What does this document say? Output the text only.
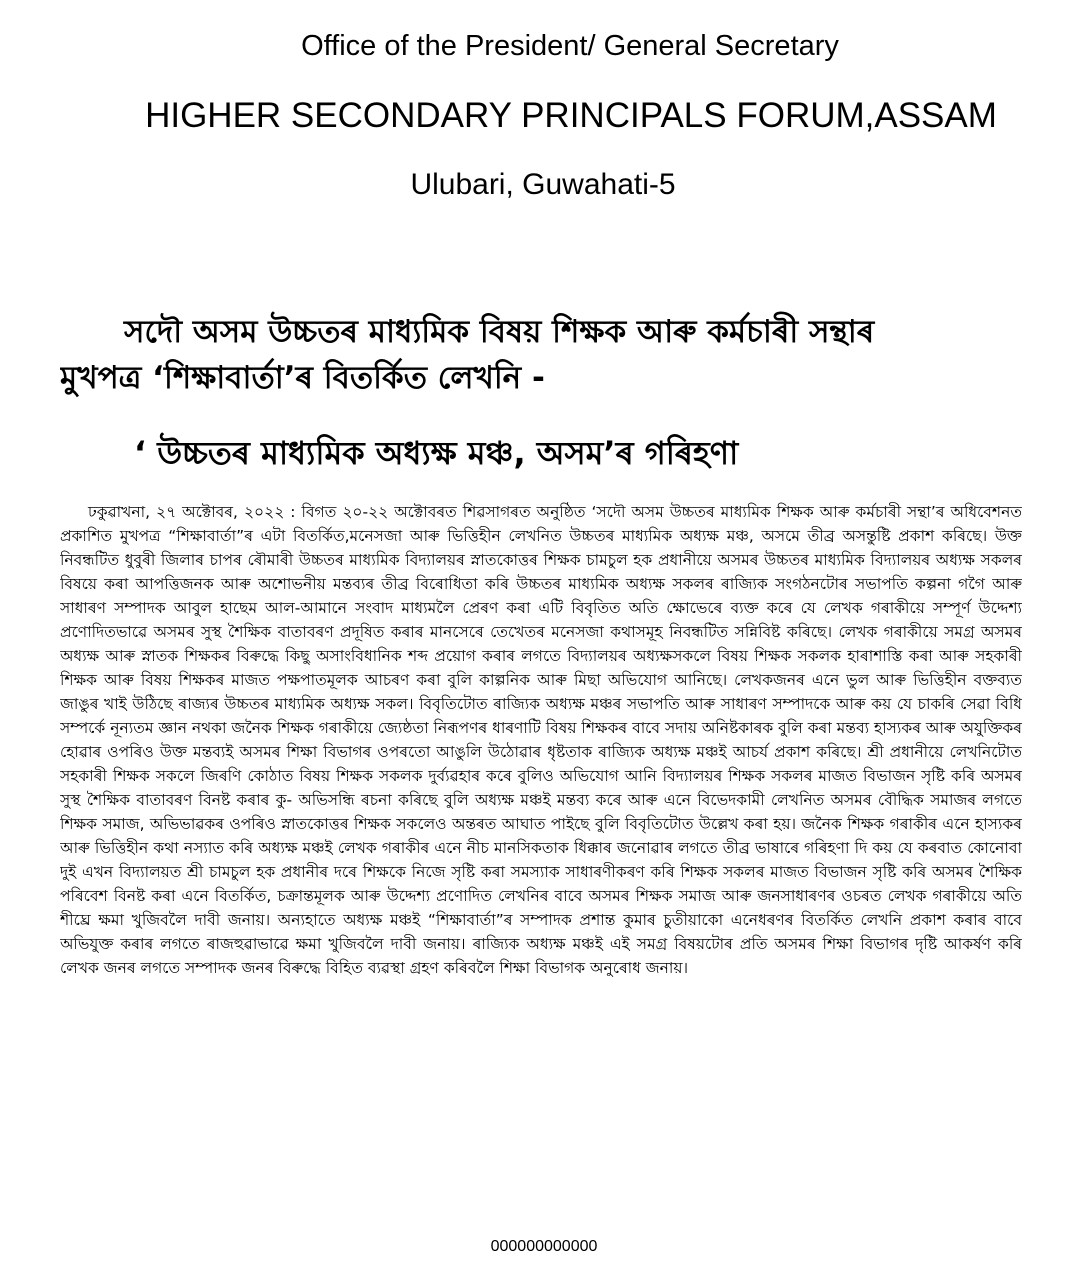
Office of the President/ General Secretary
HIGHER SECONDARY PRINCIPALS FORUM,ASSAM
Ulubari, Guwahati-5
সদৌ অসম উচ্চতৰ মাধ্যমিক বিষয় শিক্ষক আৰু কৰ্মচাৰী সন্থাৰ
মুখপত্ৰ ‘শিক্ষাবাৰ্তা’ৰ বিতৰ্কিত লেখনি -
‘ উচ্চতৰ মাধ্যমিক অধ্যক্ষ মঞ্চ, অসম’ৰ গৰিহণা
ঢকুৱাখনা, ২৭ অক্টোবৰ, ২০২২ : বিগত ২০-২২ অক্টোবৰত শিৱসাগৰত অনুষ্ঠিত ‘সদৌ অসম উচ্চতৰ মাধ্যমিক শিক্ষক আৰু কৰ্মচাৰী সন্থা’ৰ অধিবেশনত প্ৰকাশিত মুখপত্ৰ “শিক্ষাবাৰ্তা”ৰ এটা বিতৰ্কিত,মনেসজা আৰু ভিত্তিহীন লেখনিত উচ্চতৰ মাধ্যমিক অধ্যক্ষ মঞ্চ, অসমে তীব্ৰ অসন্তুষ্টি প্ৰকাশ কৰিছে। উক্ত নিবন্ধটিত ধুবুৰী জিলাৰ চাপৰ ৰৌমাৰী উচ্চতৰ মাধ্যমিক বিদ্যালয়ৰ স্নাতকোত্তৰ শিক্ষক চামচুল হক প্ৰধানীয়ে অসমৰ উচ্চতৰ মাধ্যমিক বিদ্যালয়ৰ অধ্যক্ষ সকলৰ বিষয়ে কৰা আপত্তিজনক আৰু অশোভনীয় মন্তব্যৰ তীব্ৰ বিৰোধিতা কৰি উচ্চতৰ মাধ্যমিক অধ্যক্ষ সকলৰ ৰাজ্যিক সংগঠনটোৰ সভাপতি কল্পনা গগৈ আৰু সাধাৰণ সম্পাদক আবুল হাছেম আল-আমানে সংবাদ মাধ্যমলৈ প্ৰেৰণ কৰা এটি বিবৃতিত অতি ক্ষোভেৰে ব্যক্ত কৰে যে লেখক গৰাকীয়ে সম্পূৰ্ণ উদ্দেশ্য প্ৰণোদিতভাৱে অসমৰ সুস্থ শৈক্ষিক বাতাবৰণ প্ৰদূষিত কৰাৰ মানসেৰে তেখেতৰ মনেসজা কথাসমূহ নিবন্ধটিত সন্নিবিষ্ট কৰিছে। লেখক গৰাকীয়ে সমগ্ৰ অসমৰ অধ্যক্ষ আৰু স্নাতক শিক্ষকৰ বিৰুদ্ধে কিছু অসাংবিধানিক শব্দ প্ৰয়োগ কৰাৰ লগতে বিদ্যালয়ৰ অধ্যক্ষসকলে বিষয় শিক্ষক সকলক হাৰাশাস্তি কৰা আৰু সহকাৰী শিক্ষক আৰু বিষয় শিক্ষকৰ মাজত পক্ষপাতমূলক আচৰণ কৰা বুলি কাল্পনিক আৰু মিছা অভিযোগ আনিছে। লেখকজনৰ এনে ভুল আৰু ভিত্তিহীন বক্তব্যত জাঙুৰ খাই উঠিছে ৰাজ্যৰ উচ্চতৰ মাধ্যমিক অধ্যক্ষ সকল। বিবৃতিটোত ৰাজ্যিক অধ্যক্ষ মঞ্চৰ সভাপতি আৰু সাধাৰণ সম্পাদকে আৰু কয় যে চাকৰি সেৱা বিধি সম্পৰ্কে নূন্যতম জ্ঞান নথকা জনৈক শিক্ষক গৰাকীয়ে জ্যেষ্ঠতা নিৰূপণৰ ধাৰণাটি বিষয় শিক্ষকৰ বাবে সদায় অনিষ্টকাৰক বুলি কৰা মন্তব্য হাস্যকৰ আৰু অযুক্তিকৰ হোৱাৰ ওপৰিও উক্ত মন্তব্যই অসমৰ শিক্ষা বিভাগৰ ওপৰতো আঙুলি উঠোৱাৰ ধৃষ্টতাক ৰাজ্যিক অধ্যক্ষ মঞ্চই আচৰ্য প্ৰকাশ কৰিছে। শ্ৰী প্ৰধানীয়ে লেখনিটোত সহকাৰী শিক্ষক সকলে জিৰণি কোঠাত বিষয় শিক্ষক সকলক দুৰ্ব্যৱহাৰ কৰে বুলিও অভিযোগ আনি বিদ্যালয়ৰ শিক্ষক সকলৰ মাজত বিভাজন সৃষ্টি কৰি অসমৰ সুস্থ শৈক্ষিক বাতাবৰণ বিনষ্ট কৰাৰ কু- অভিসন্ধি ৰচনা কৰিছে বুলি অধ্যক্ষ মঞ্চই মন্তব্য কৰে আৰু এনে বিভেদকামী লেখনিত অসমৰ বৌদ্ধিক সমাজৰ লগতে শিক্ষক সমাজ, অভিভাৱকৰ ওপৰিও স্নাতকোত্তৰ শিক্ষক সকলেও অন্তৰত আঘাত পাইছে বুলি বিবৃতিটোত উল্লেখ কৰা হয়। জনৈক শিক্ষক গৰাকীৰ এনে হাস্যকৰ আৰু ভিত্তিহীন কথা নস্যাত কৰি অধ্যক্ষ মঞ্চই লেখক গৰাকীৰ এনে নীচ মানসিকতাক ধিক্কাৰ জনোৱাৰ লগতে তীব্ৰ ভাষাৰে গৰিহণা দি কয় যে কৰবাত কোনোবা দুই এখন বিদ্যালয়ত শ্ৰী চামচুল হক প্ৰধানীৰ দৰে শিক্ষকে নিজে সৃষ্টি কৰা সমস্যাক সাধাৰণীকৰণ কৰি শিক্ষক সকলৰ মাজত বিভাজন সৃষ্টি কৰি অসমৰ শৈক্ষিক পৰিবেশ বিনষ্ট কৰা এনে বিতৰ্কিত, চক্ৰান্তমূলক আৰু উদ্দেশ্য প্ৰণোদিত লেখনিৰ বাবে অসমৰ শিক্ষক সমাজ আৰু জনসাধাৰণৰ ওচৰত লেখক গৰাকীয়ে অতি শীঘ্ৰে ক্ষমা খুজিবলৈ দাবী জনায়। অন্যহাতে অধ্যক্ষ মঞ্চই “শিক্ষাবাৰ্তা”ৰ সম্পাদক প্ৰশান্ত কুমাৰ চুতীয়াকো এনেধৰণৰ বিতৰ্কিত লেখনি প্ৰকাশ কৰাৰ বাবে অভিযুক্ত কৰাৰ লগতে ৰাজহুৱাভাৱে ক্ষমা খুজিবলৈ দাবী জনায়। ৰাজ্যিক অধ্যক্ষ মঞ্চই এই সমগ্ৰ বিষয়টোৰ প্ৰতি অসমৰ শিক্ষা বিভাগৰ দৃষ্টি আকৰ্ষণ কৰি লেখক জনৰ লগতে সম্পাদক জনৰ বিৰুদ্ধে বিহিত ব্যৱস্থা গ্ৰহণ কৰিবলৈ শিক্ষা বিভাগক অনুৰোধ জনায়।
000000000000
